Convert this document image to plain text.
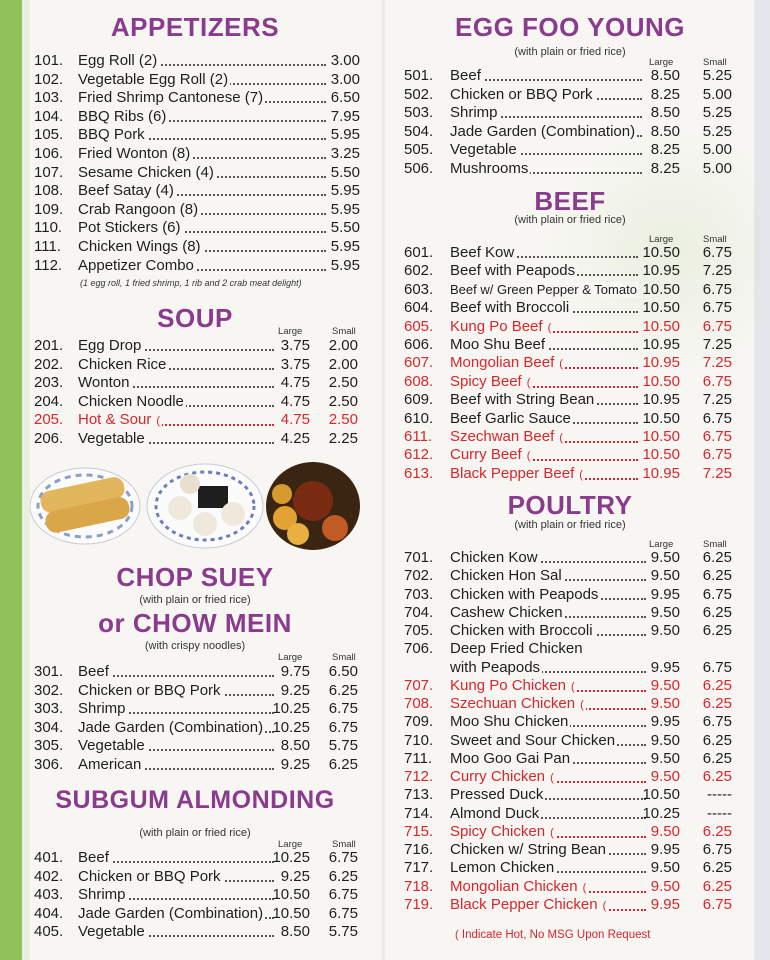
APPETIZERS
101. Egg Roll (2)	3.00
102. Vegetable Egg Roll (2)	3.00
103. Fried Shrimp Cantonese (7)	6.50
104. BBQ Ribs (6)	7.95
105. BBQ Pork	5.95
106. Fried Wonton (8)	3.25
107. Sesame Chicken (4)	5.50
108. Beef Satay (4)	5.95
109. Crab Rangoon (8)	5.95
110. Pot Stickers (6)	5.50
111. Chicken Wings (8)	5.95
112. Appetizer Combo	5.95
(1 egg roll, 1 fried shrimp, 1 rib and 2 crab meat delight)
SOUP	Large	Small
201. Egg Drop	3.75	2.00
202. Chicken Rice	3.75	2.00
203. Wonton	4.75	2.50
204. Chicken Noodle	4.75	2.50
205. Hot & Sour (	4.75	2.50
206. Vegetable	4.25	2.25
CHOP SUEY
(with plain or fried rice)
or CHOW MEIN
(with crispy noodles)
Large	Small
301. Beef	9.75	6.50
302. Chicken or BBQ Pork	9.25	6.25
303. Shrimp	10.25	6.75
304. Jade Garden (Combination) 10.25	6.75
305. Vegetable	8.50	5.75
306. American	9.25	6.25
SUBGUM ALMONDING
(with plain or fried rice)
Large	Small
401. Beef	10.25	6.75
402. Chicken or BBQ Pork	9.25	6.25
403. Shrimp	10.50	6.75
404. Jade Garden (Combination) 10.50	6.75
405. Vegetable	8.50	5.75
EGG FOO YOUNG
(with plain or fried rice)
Large	Small
501. Beef	8.50	5.25
502. Chicken or BBQ Pork	8.25	5.00
503. Shrimp	8.50	5.25
504. Jade Garden (Combination)	8.50	5.25
505. Vegetable	8.25	5.00
506. Mushrooms	8.25	5.00
BEEF
(with plain or fried rice)
Large	Small
601. Beef Kow	10.50	6.75
602. Beef with Peapods	10.95	7.25
603. Beef w/ Green Pepper & Tomato 10.50	6.75
604. Beef with Broccoli	10.50	6.75
605. Kung Po Beef (	10.50	6.75
606. Moo Shu Beef	10.95	7.25
607. Mongolian Beef (	10.95	7.25
608. Spicy Beef (	10.50	6.75
609. Beef with String Bean	10.95	7.25
610. Beef Garlic Sauce	10.50	6.75
611. Szechwan Beef (	10.50	6.75
612. Curry Beef (	10.50	6.75
613. Black Pepper Beef (	10.95	7.25
POULTRY
(with plain or fried rice)
Large	Small
701. Chicken Kow	9.50	6.25
702. Chicken Hon Sal	9.50	6.25
703. Chicken with Peapods	9.95	6.75
704. Cashew Chicken	9.50	6.25
705. Chicken with Broccoli	9.50	6.25
706. Deep Fried Chicken
with Peapods	9.95	6.75
707. Kung Po Chicken (	9.50	6.25
708. Szechuan Chicken (	9.50	6.25
709. Moo Shu Chicken	9.95	6.75
710. Sweet and Sour Chicken	9.50	6.25
711. Moo Goo Gai Pan	9.50	6.25
712. Curry Chicken (	9.50	6.25
713. Pressed Duck	10.50	-----
714. Almond Duck	10.25	-----
715. Spicy Chicken (	9.50	6.25
716. Chicken w/ String Bean	9.95	6.75
717. Lemon Chicken	9.50	6.25
718. Mongolian Chicken (	9.50	6.25
719. Black Pepper Chicken (	9.95	6.75
( Indicate Hot, No MSG Upon Request
